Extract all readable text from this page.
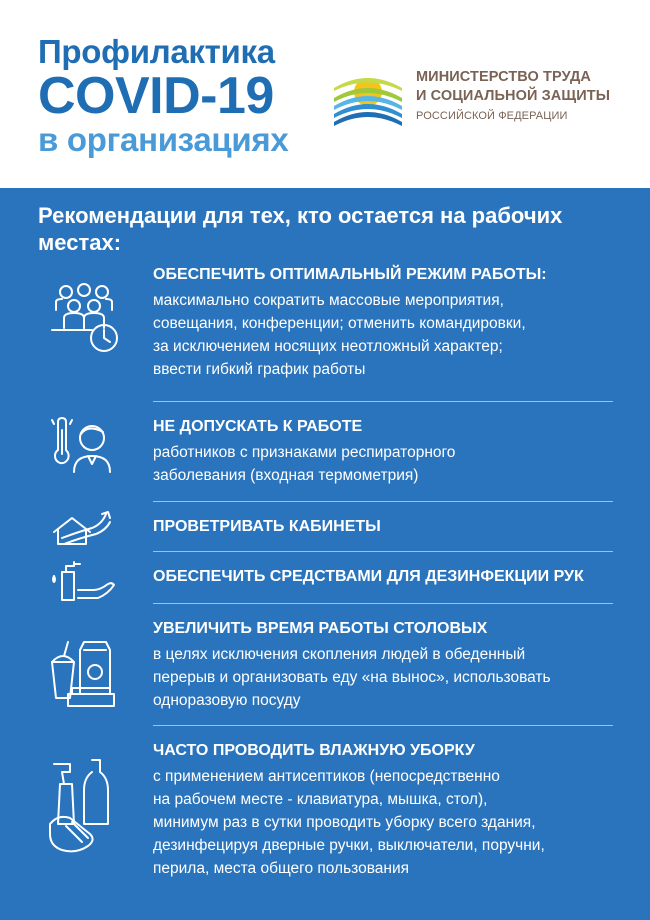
Профилактика
COVID-19
в организациях
МИНИСТЕРСТВО ТРУДА
И СОЦИАЛЬНОЙ ЗАЩИТЫ
РОССИЙСКОЙ ФЕДЕРАЦИИ
Рекомендации для тех, кто остается на рабочих местах:
ОБЕСПЕЧИТЬ ОПТИМАЛЬНЫЙ РЕЖИМ РАБОТЫ:
максимально сократить массовые мероприятия,
совещания, конференции; отменить командировки,
за исключением носящих неотложный характер;
ввести гибкий график работы
НЕ ДОПУСКАТЬ К РАБОТЕ
работников с признаками респираторного
заболевания (входная термометрия)
ПРОВЕТРИВАТЬ КАБИНЕТЫ
ОБЕСПЕЧИТЬ СРЕДСТВАМИ ДЛЯ ДЕЗИНФЕКЦИИ РУК
УВЕЛИЧИТЬ ВРЕМЯ РАБОТЫ СТОЛОВЫХ
в целях исключения скопления людей в обеденный
перерыв и организовать еду «на вынос», использовать
одноразовую посуду
ЧАСТО ПРОВОДИТЬ ВЛАЖНУЮ УБОРКУ
с применением антисептиков (непосредственно
на рабочем месте - клавиатура, мышка, стол),
минимум раз в сутки проводить уборку всего здания,
дезинфецируя дверные ручки, выключатели, поручни,
перила, места общего пользования
